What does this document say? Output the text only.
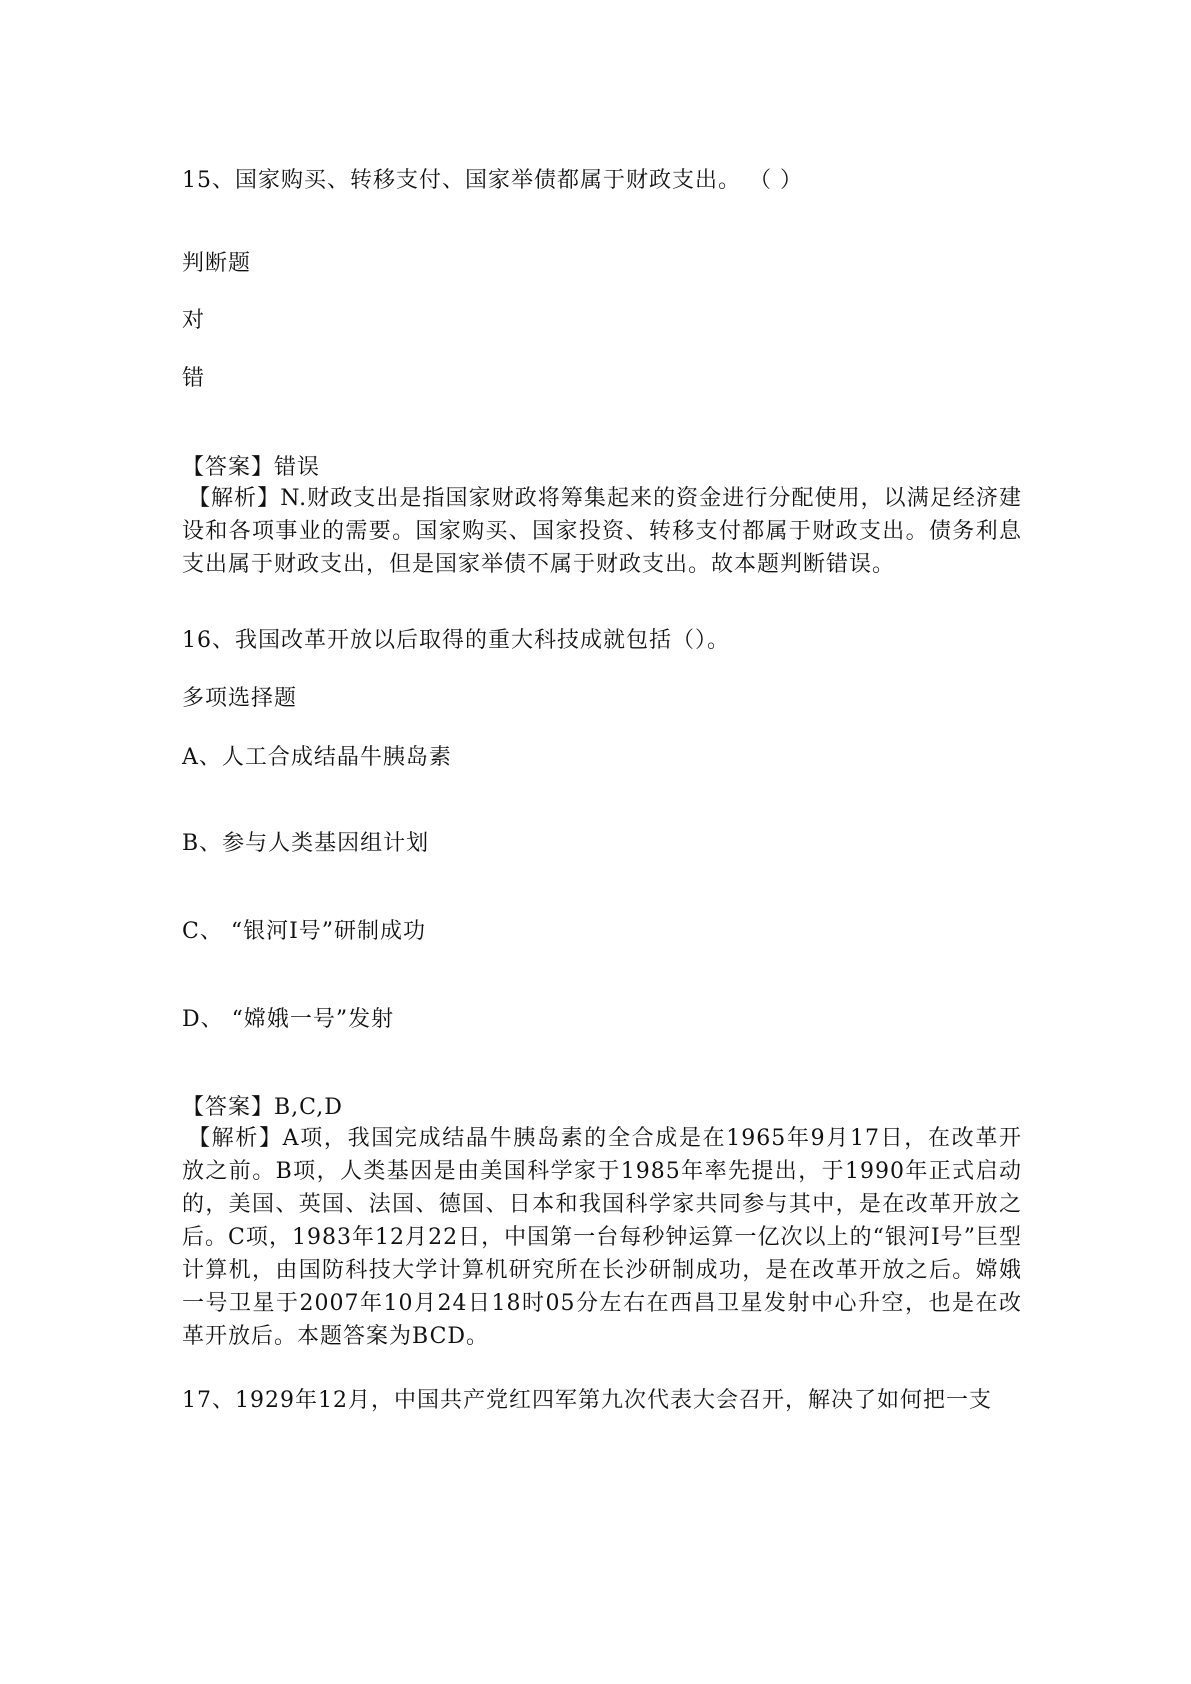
15、国家购买、转移支付、国家举债都属于财政支出。 （ ）
判断题
对
错
【答案】错误
【解析】N.财政支出是指国家财政将筹集起来的资金进行分配使用，以满足经济建设和各项事业的需要。国家购买、国家投资、转移支付都属于财政支出。债务利息支出属于财政支出，但是国家举债不属于财政支出。故本题判断错误。
16、我国改革开放以后取得的重大科技成就包括（）。
多项选择题
A、人工合成结晶牛胰岛素
B、参与人类基因组计划
C、 “银河Ⅰ号”研制成功
D、 “嫦娥一号”发射
【答案】B,C,D
【解析】A项，我国完成结晶牛胰岛素的全合成是在1965年9月17日，在改革开放之前。B项，人类基因是由美国科学家于1985年率先提出，于1990年正式启动的，美国、英国、法国、德国、日本和我国科学家共同参与其中，是在改革开放之后。C项，1983年12月22日，中国第一台每秒钟运算一亿次以上的“银河Ⅰ号”巨型计算机，由国防科技大学计算机研究所在长沙研制成功，是在改革开放之后。嫦娥一号卫星于2007年10月24日18时05分左右在西昌卫星发射中心升空，也是在改革开放后。本题答案为BCD。
17、1929年12月，中国共产党红四军第九次代表大会召开，解决了如何把一支
